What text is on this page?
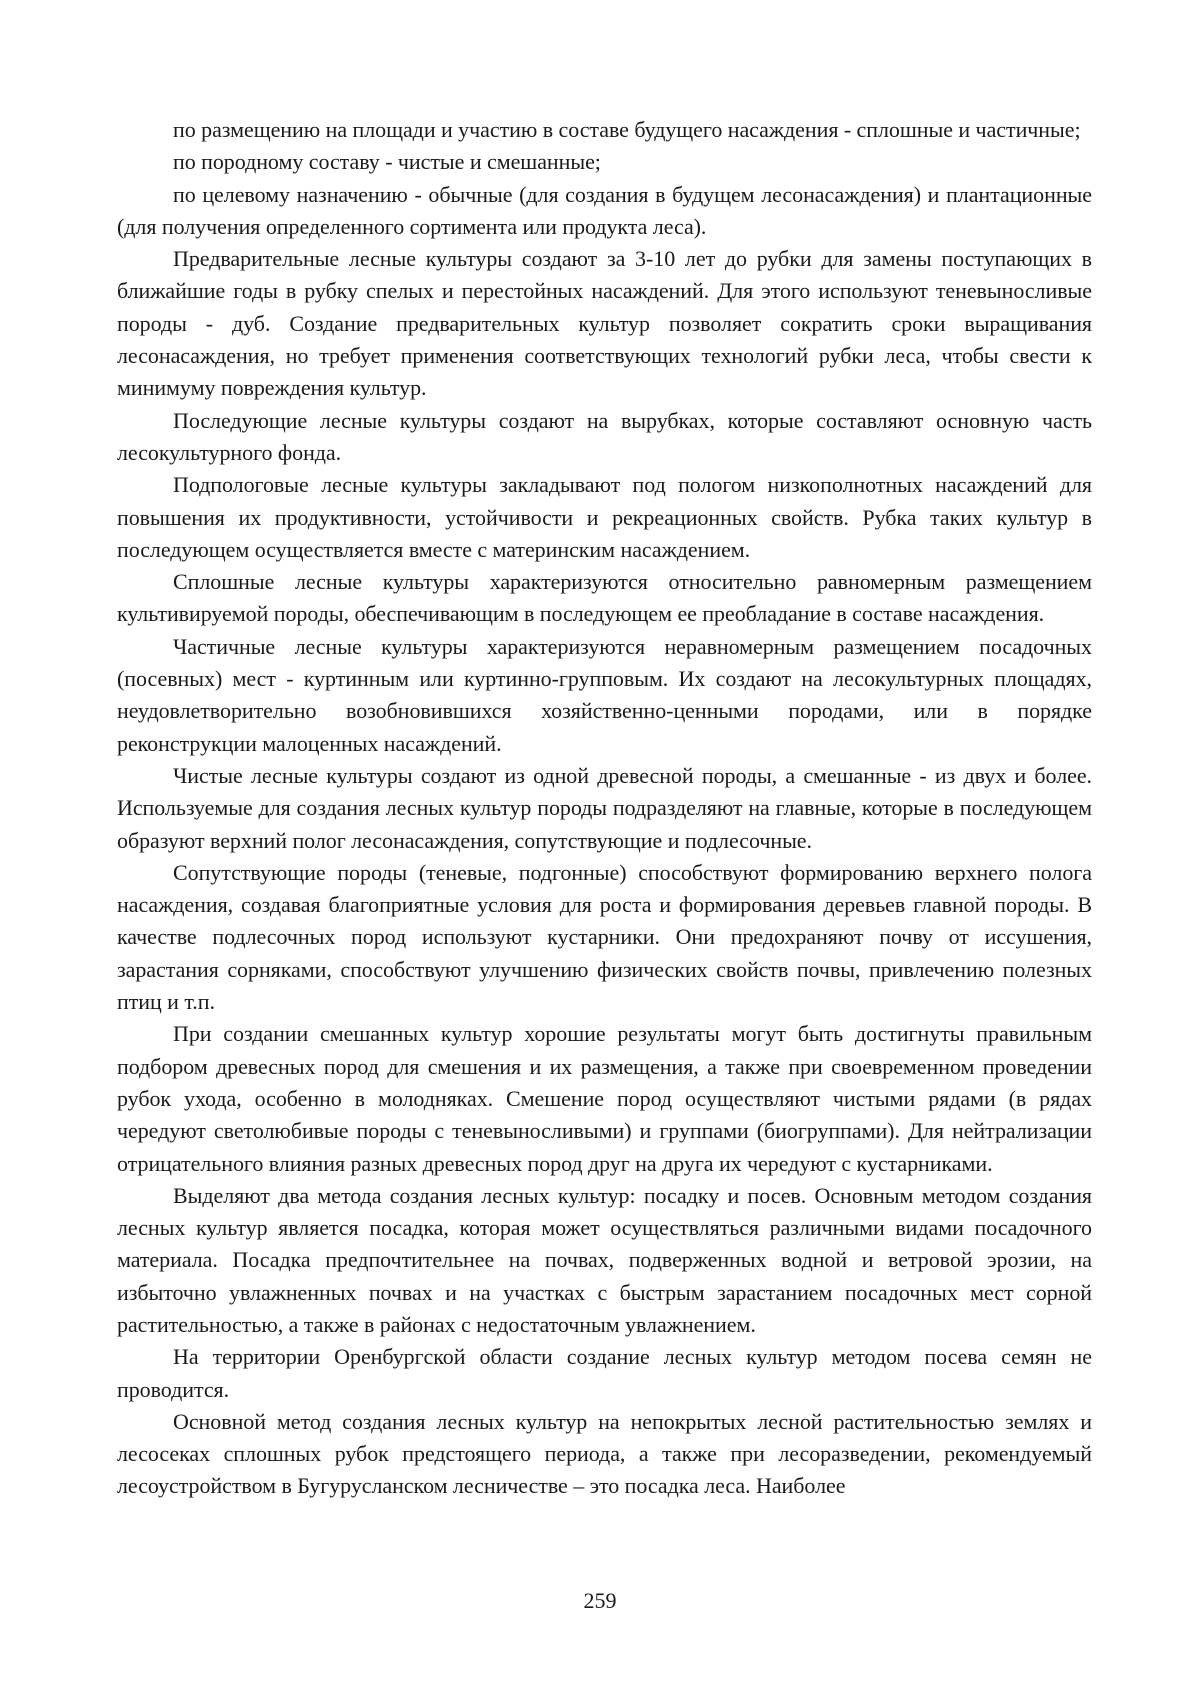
по размещению на площади и участию в составе будущего насаждения - сплошные и частичные;

по породному составу - чистые и смешанные;

по целевому назначению - обычные (для создания в будущем лесонасаждения) и плантационные (для получения определенного сортимента или продукта леса).

Предварительные лесные культуры создают за 3-10 лет до рубки для замены поступающих в ближайшие годы в рубку спелых и перестойных насаждений. Для этого используют теневыносливые породы - дуб. Создание предварительных культур позволяет сократить сроки выращивания лесонасаждения, но требует применения соответствующих технологий рубки леса, чтобы свести к минимуму повреждения культур.

Последующие лесные культуры создают на вырубках, которые составляют основную часть лесокультурного фонда.

Подпологовые лесные культуры закладывают под пологом низкополнотных насаждений для повышения их продуктивности, устойчивости и рекреационных свойств. Рубка таких культур в последующем осуществляется вместе с материнским насаждением.

Сплошные лесные культуры характеризуются относительно равномерным размещением культивируемой породы, обеспечивающим в последующем ее преобладание в составе насаждения.

Частичные лесные культуры характеризуются неравномерным размещением посадочных (посевных) мест - куртинным или куртинно-групповым. Их создают на лесокультурных площадях, неудовлетворительно возобновившихся хозяйственно-ценными породами, или в порядке реконструкции малоценных насаждений.

Чистые лесные культуры создают из одной древесной породы, а смешанные - из двух и более. Используемые для создания лесных культур породы подразделяют на главные, которые в последующем образуют верхний полог лесонасаждения, сопутствующие и подлесочные.

Сопутствующие породы (теневые, подгонные) способствуют формированию верхнего полога насаждения, создавая благоприятные условия для роста и формирования деревьев главной породы. В качестве подлесочных пород используют кустарники. Они предохраняют почву от иссушения, зарастания сорняками, способствуют улучшению физических свойств почвы, привлечению полезных птиц и т.п.

При создании смешанных культур хорошие результаты могут быть достигнуты правильным подбором древесных пород для смешения и их размещения, а также при своевременном проведении рубок ухода, особенно в молодняках. Смешение пород осуществляют чистыми рядами (в рядах чередуют светолюбивые породы с теневыносливыми) и группами (биогруппами). Для нейтрализации отрицательного влияния разных древесных пород друг на друга их чередуют с кустарниками.

Выделяют два метода создания лесных культур: посадку и посев. Основным методом создания лесных культур является посадка, которая может осуществляться различными видами посадочного материала. Посадка предпочтительнее на почвах, подверженных водной и ветровой эрозии, на избыточно увлажненных почвах и на участках с быстрым зарастанием посадочных мест сорной растительностью, а также в районах с недостаточным увлажнением.

На территории Оренбургской области создание лесных культур методом посева семян не проводится.

Основной метод создания лесных культур на непокрытых лесной растительностью землях и лесосеках сплошных рубок предстоящего периода, а также при лесоразведении, рекомендуемый лесоустройством в Бугурусланском лесничестве – это посадка леса. Наиболее

259
